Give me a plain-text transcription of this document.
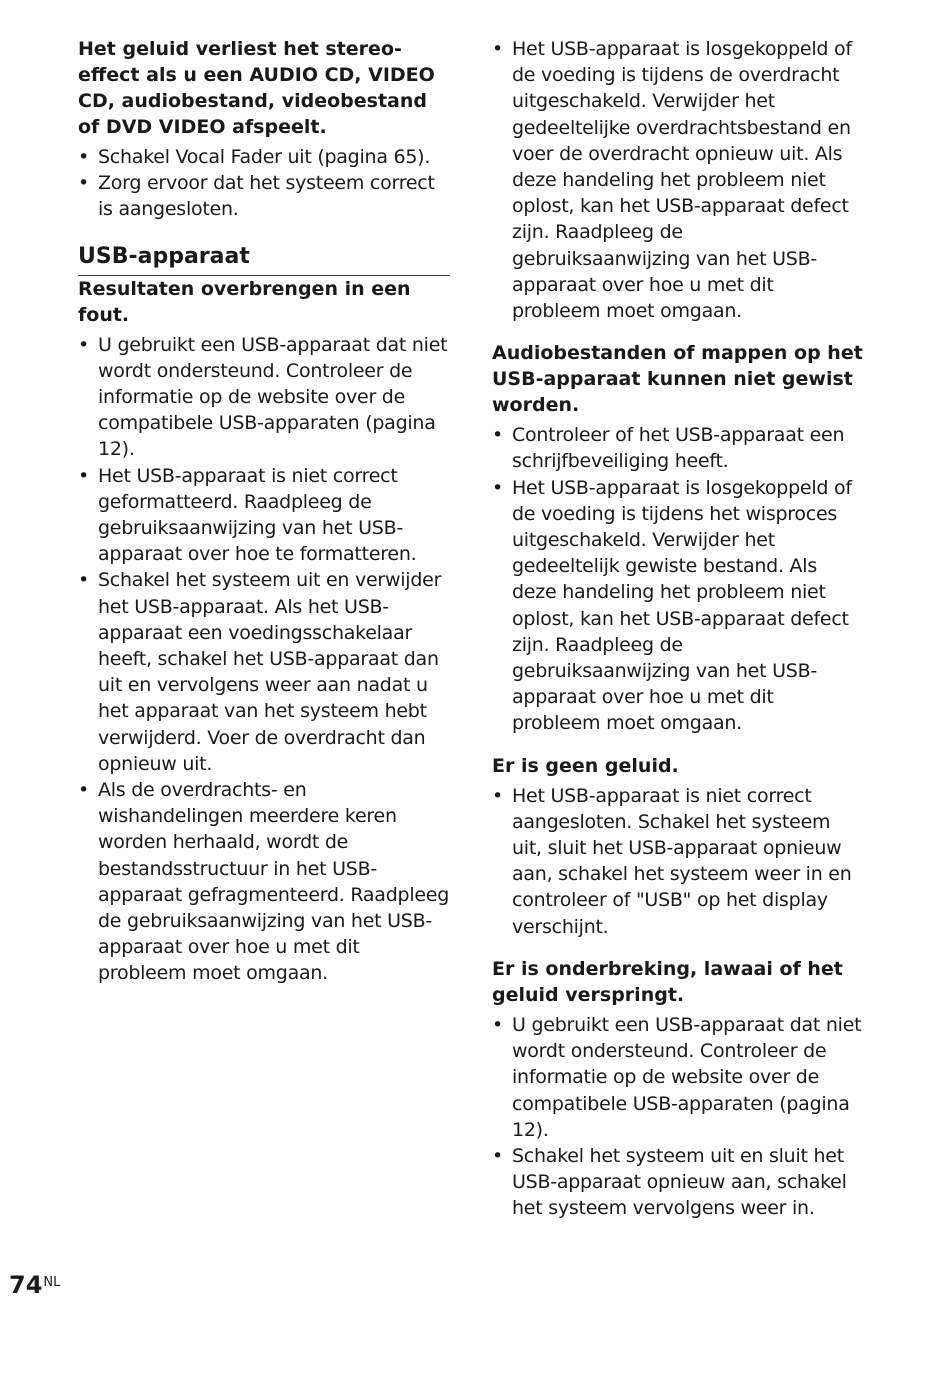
Het geluid verliest het stereo-effect als u een AUDIO CD, VIDEO CD, audiobestand, videobestand of DVD VIDEO afspeelt.
• Schakel Vocal Fader uit (pagina 65).
• Zorg ervoor dat het systeem correct is aangesloten.
USB-apparaat
Resultaten overbrengen in een fout.
• U gebruikt een USB-apparaat dat niet wordt ondersteund. Controleer de informatie op de website over de compatibele USB-apparaten (pagina 12).
• Het USB-apparaat is niet correct geformatteerd. Raadpleeg de gebruiksaanwijzing van het USB-apparaat over hoe te formatteren.
• Schakel het systeem uit en verwijder het USB-apparaat. Als het USB-apparaat een voedingsschakelaar heeft, schakel het USB-apparaat dan uit en vervolgens weer aan nadat u het apparaat van het systeem hebt verwijderd. Voer de overdracht dan opnieuw uit.
• Als de overdrachts- en wishandelingen meerdere keren worden herhaald, wordt de bestandsstructuur in het USB-apparaat gefragmenteerd. Raadpleeg de gebruiksaanwijzing van het USB-apparaat over hoe u met dit probleem moet omgaan.
• Het USB-apparaat is losgekoppeld of de voeding is tijdens de overdracht uitgeschakeld. Verwijder het gedeeltelijke overdrachtsbestand en voer de overdracht opnieuw uit. Als deze handeling het probleem niet oplost, kan het USB-apparaat defect zijn. Raadpleeg de gebruiksaanwijzing van het USB-apparaat over hoe u met dit probleem moet omgaan.
Audiobestanden of mappen op het USB-apparaat kunnen niet gewist worden.
• Controleer of het USB-apparaat een schrijfbeveiliging heeft.
• Het USB-apparaat is losgekoppeld of de voeding is tijdens het wisproces uitgeschakeld. Verwijder het gedeeltelijk gewiste bestand. Als deze handeling het probleem niet oplost, kan het USB-apparaat defect zijn. Raadpleeg de gebruiksaanwijzing van het USB-apparaat over hoe u met dit probleem moet omgaan.
Er is geen geluid.
• Het USB-apparaat is niet correct aangesloten. Schakel het systeem uit, sluit het USB-apparaat opnieuw aan, schakel het systeem weer in en controleer of "USB" op het display verschijnt.
Er is onderbreking, lawaai of het geluid verspringt.
• U gebruikt een USB-apparaat dat niet wordt ondersteund. Controleer de informatie op de website over de compatibele USB-apparaten (pagina 12).
• Schakel het systeem uit en sluit het USB-apparaat opnieuw aan, schakel het systeem vervolgens weer in.
$74^{NL}$
